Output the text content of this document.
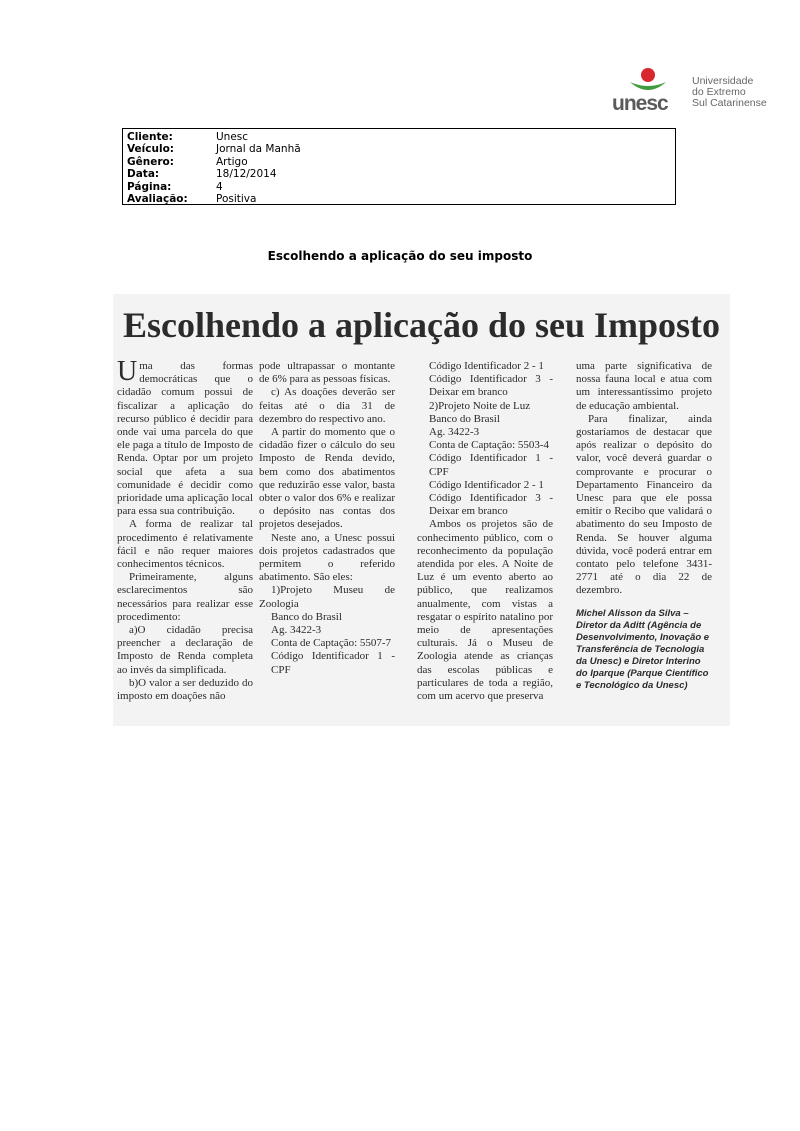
unesc
Universidade
do Extremo
Sul Catarinense
Cliente:	Unesc
Veículo:	Jornal da Manhã
Gênero:	Artigo
Data:	18/12/2014
Página:	4
Avaliação:	Positiva
Escolhendo a aplicação do seu imposto
Escolhendo a aplicação do seu Imposto

Uma das formas democráticas que o cidadão comum possui de fiscalizar a aplicação do recurso público é decidir para onde vai uma parcela do que ele paga a título de Imposto de Renda. Optar por um projeto social que afeta a sua comunidade é decidir como prioridade uma aplicação local para essa sua contribuição.

A forma de realizar tal procedimento é relativamente fácil e não requer maiores conhecimentos técnicos.

Primeiramente, alguns esclarecimentos são necessários para realizar esse procedimento:

a)O cidadão precisa preencher a declaração de Imposto de Renda completa ao invés da simplificada.

b)O valor a ser deduzido do imposto em doações não

pode ultrapassar o montante de 6% para as pessoas físicas.

c) As doações deverão ser feitas até o dia 31 de dezembro do respectivo ano.

A partir do momento que o cidadão fizer o cálculo do seu Imposto de Renda devido, bem como dos abatimentos que reduzirão esse valor, basta obter o valor dos 6% e realizar o depósito nas contas dos projetos desejados.

Neste ano, a Unesc possui dois projetos cadastrados que permitem o referido abatimento. São eles:

1)Projeto Museu de Zoologia

Banco do Brasil

Ag. 3422-3

Conta de Captação: 5507-7

Código Identificador 1 - CPF

Código Identificador 2 - 1

Código Identificador 3 - Deixar em branco

2)Projeto Noite de Luz

Banco do Brasil

Ag. 3422-3

Conta de Captação: 5503-4

Código Identificador 1 - CPF

Código Identificador 2 - 1

Código Identificador 3 - Deixar em branco

Ambos os projetos são de conhecimento público, com o reconhecimento da população atendida por eles. A Noite de Luz é um evento aberto ao público, que realizamos anualmente, com vistas a resgatar o espírito natalino por meio de apresentações culturais. Já o Museu de Zoologia atende as crianças das escolas públicas e particulares de toda a região, com um acervo que preserva

uma parte significativa de nossa fauna local e atua com um interessantíssimo projeto de educação ambiental.

Para finalizar, ainda gostaríamos de destacar que após realizar o depósito do valor, você deverá guardar o comprovante e procurar o Departamento Financeiro da Unesc para que ele possa emitir o Recibo que validará o abatimento do seu Imposto de Renda. Se houver alguma dúvida, você poderá entrar em contato pelo telefone 3431-2771 até o dia 22 de dezembro.

Michel Alisson da Silva – Diretor da Aditt (Agência de Desenvolvimento, Inovação e Transferência de Tecnologia da Unesc) e Diretor Interino do Iparque (Parque Científico e Tecnológico da Unesc)
